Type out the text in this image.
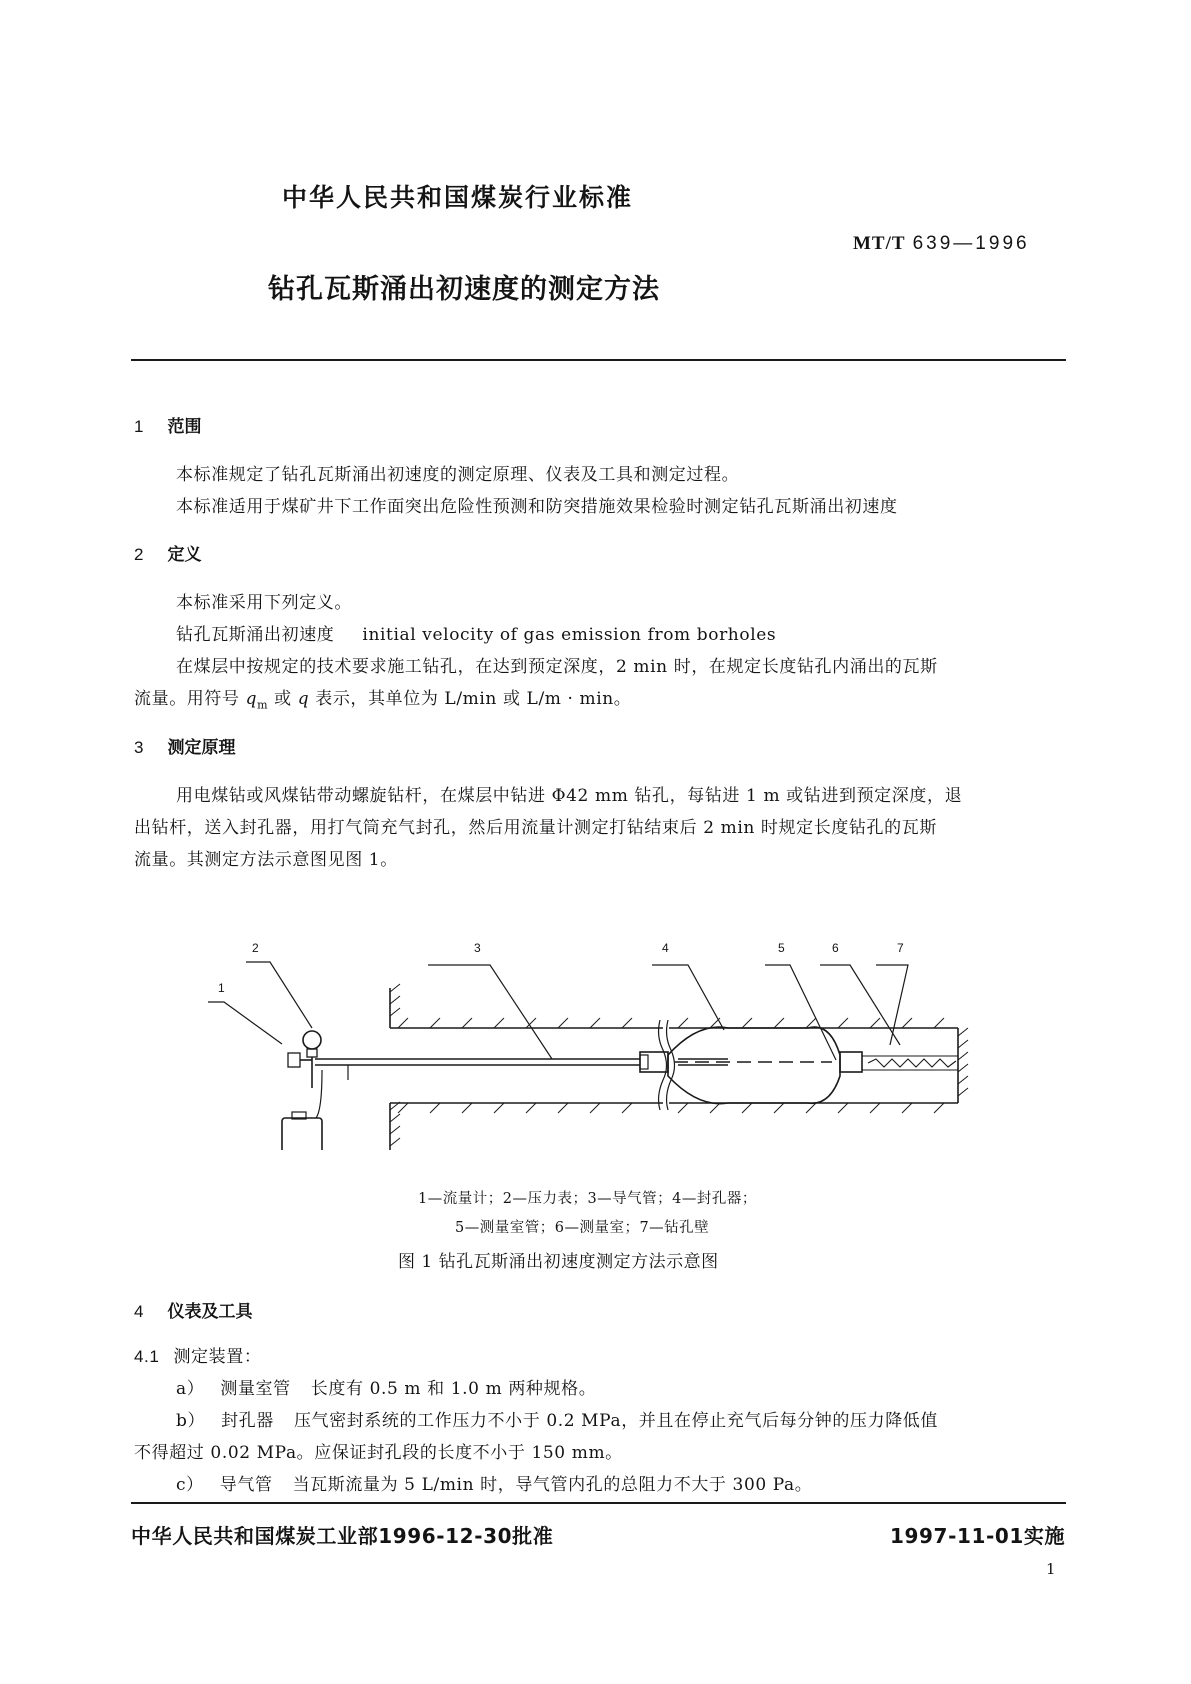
中华人民共和国煤炭行业标准
MT/T 639—1996
钻孔瓦斯涌出初速度的测定方法
1 范围
本标准规定了钻孔瓦斯涌出初速度的测定原理、仪表及工具和测定过程。
本标准适用于煤矿井下工作面突出危险性预测和防突措施效果检验时测定钻孔瓦斯涌出初速度
2 定义
本标准采用下列定义。
钻孔瓦斯涌出初速度 initial velocity of gas emission from borholes
在煤层中按规定的技术要求施工钻孔，在达到预定深度，2 min 时，在规定长度钻孔内涌出的瓦斯
流量。用符号 $q_m$ 或 q 表示，其单位为 L/min 或 L/m · min。
3 测定原理
用电煤钻或风煤钻带动螺旋钻杆，在煤层中钻进 Φ42 mm 钻孔，每钻进 1 m 或钻进到预定深度，退
出钻杆，送入封孔器，用打气筒充气封孔，然后用流量计测定打钻结束后 2 min 时规定长度钻孔的瓦斯
流量。其测定方法示意图见图 1。
2	3	4	5	6	7
1
1—流量计；2—压力表；3—导气管；4—封孔器；
5—测量室管；6—测量室；7—钻孔壁
图 1 钻孔瓦斯涌出初速度测定方法示意图
4 仪表及工具
4.1 测定装置：
a） 测量室管 长度有 0.5 m 和 1.0 m 两种规格。
b） 封孔器 压气密封系统的工作压力不小于 0.2 MPa，并且在停止充气后每分钟的压力降低值
不得超过 0.02 MPa。应保证封孔段的长度不小于 150 mm。
c） 导气管 当瓦斯流量为 5 L/min 时，导气管内孔的总阻力不大于 300 Pa。
中华人民共和国煤炭工业部1996-12-30批准	1997-11-01实施
1
